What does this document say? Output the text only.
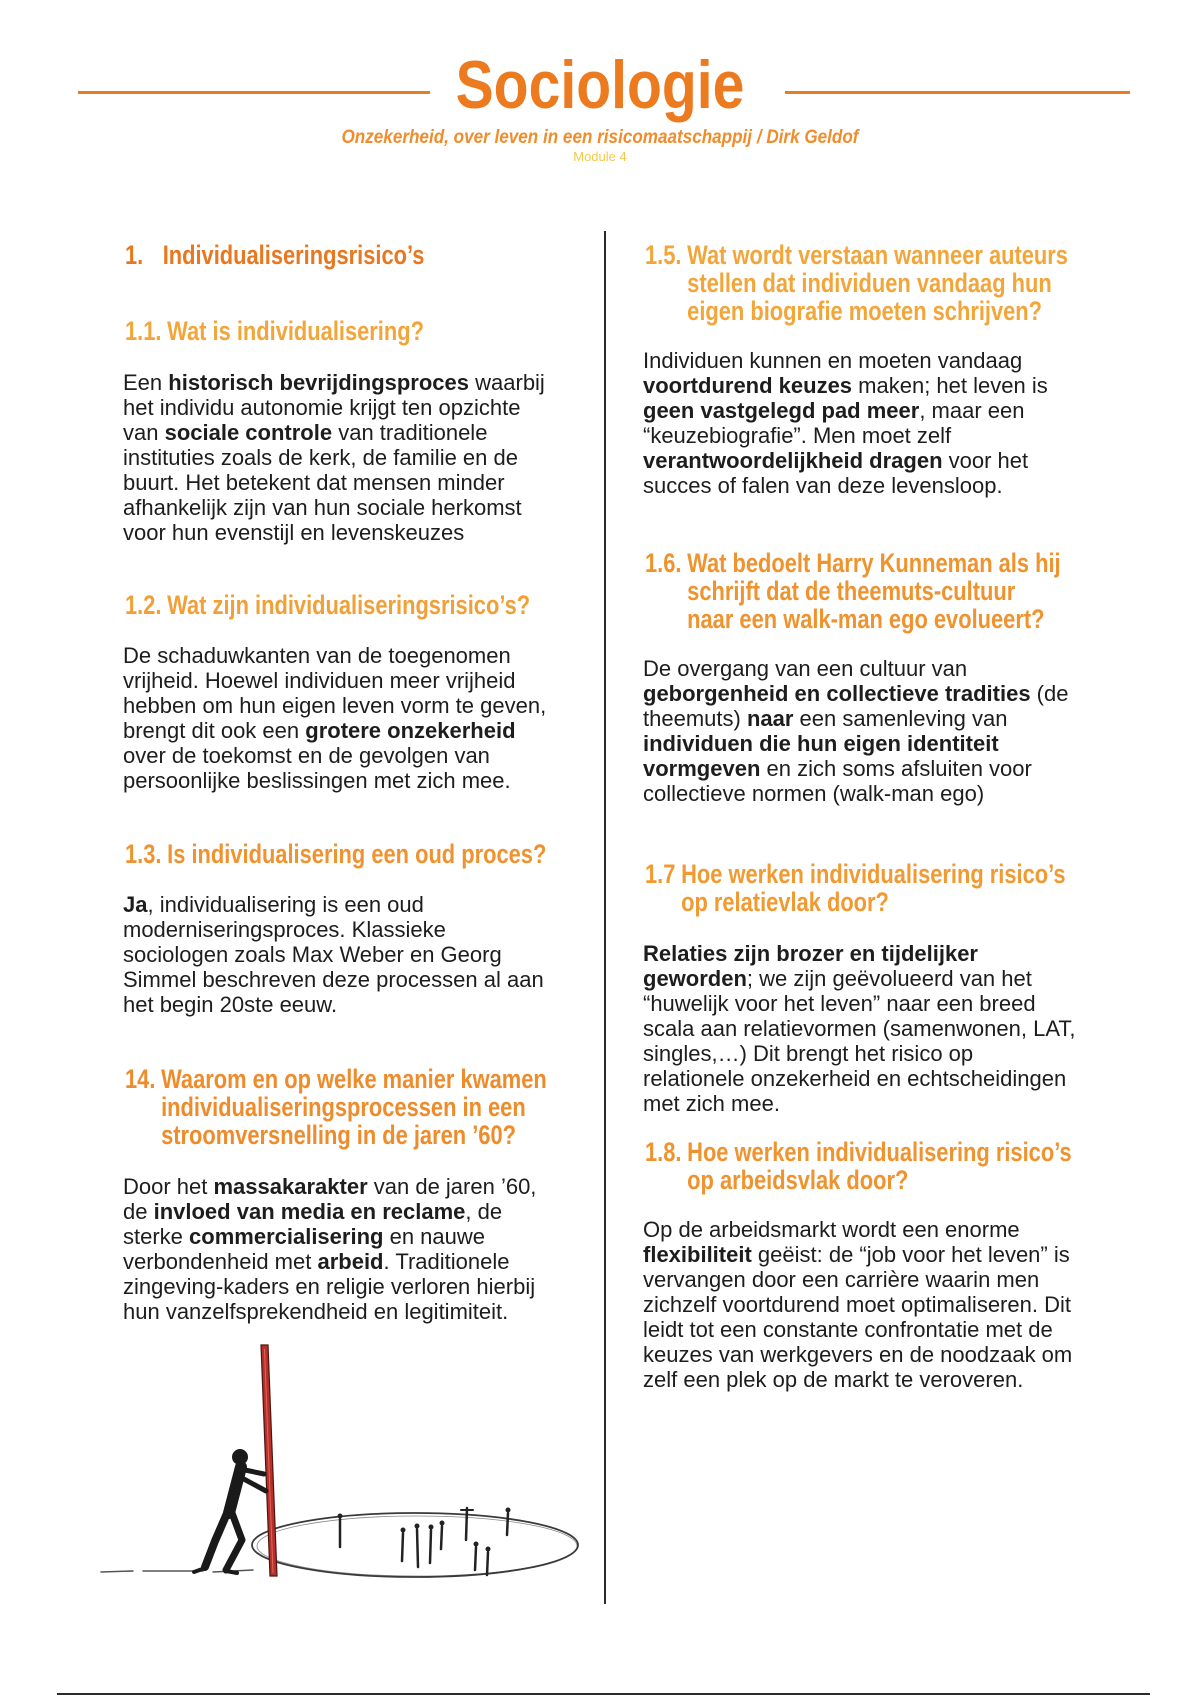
Sociologie
Onzekerheid, over leven in een risicomaatschappij / Dirk Geldof
Module 4
1. Individualiseringsrisico’s
1.1. Wat is individualisering?
Een historisch bevrijdingsproces waarbij
het individu autonomie krijgt ten opzichte
van sociale controle van traditionele
instituties zoals de kerk, de familie en de
buurt. Het betekent dat mensen minder
afhankelijk zijn van hun sociale herkomst
voor hun evenstijl en levenskeuzes
1.2. Wat zijn individualiseringsrisico’s?
De schaduwkanten van de toegenomen
vrijheid. Hoewel individuen meer vrijheid
hebben om hun eigen leven vorm te geven,
brengt dit ook een grotere onzekerheid
over de toekomst en de gevolgen van
persoonlijke beslissingen met zich mee.
1.3. Is individualisering een oud proces?
Ja, individualisering is een oud
moderniseringsproces. Klassieke
sociologen zoals Max Weber en Georg
Simmel beschreven deze processen al aan
het begin 20ste eeuw.
14. Waarom en op welke manier kwamen
individualiseringsprocessen in een
stroomversnelling in de jaren ’60?
Door het massakarakter van de jaren ’60,
de invloed van media en reclame, de
sterke commercialisering en nauwe
verbondenheid met arbeid. Traditionele
zingeving-kaders en religie verloren hierbij
hun vanzelfsprekendheid en legitimiteit.
1.5. Wat wordt verstaan wanneer auteurs
stellen dat individuen vandaag hun
eigen biografie moeten schrijven?
Individuen kunnen en moeten vandaag
voortdurend keuzes maken; het leven is
geen vastgelegd pad meer, maar een
“keuzebiografie”. Men moet zelf
verantwoordelijkheid dragen voor het
succes of falen van deze levensloop.
1.6. Wat bedoelt Harry Kunneman als hij
schrijft dat de theemuts-cultuur
naar een walk-man ego evolueert?
De overgang van een cultuur van
geborgenheid en collectieve tradities (de
theemuts) naar een samenleving van
individuen die hun eigen identiteit
vormgeven en zich soms afsluiten voor
collectieve normen (walk-man ego)
1.7 Hoe werken individualisering risico’s
op relatievlak door?
Relaties zijn brozer en tijdelijker
geworden; we zijn geëvolueerd van het
“huwelijk voor het leven” naar een breed
scala aan relatievormen (samenwonen, LAT,
singles,…) Dit brengt het risico op
relationele onzekerheid en echtscheidingen
met zich mee.
1.8. Hoe werken individualisering risico’s
op arbeidsvlak door?
Op de arbeidsmarkt wordt een enorme
flexibiliteit geëist: de “job voor het leven” is
vervangen door een carrière waarin men
zichzelf voortdurend moet optimaliseren. Dit
leidt tot een constante confrontatie met de
keuzes van werkgevers en de noodzaak om
zelf een plek op de markt te veroveren.
